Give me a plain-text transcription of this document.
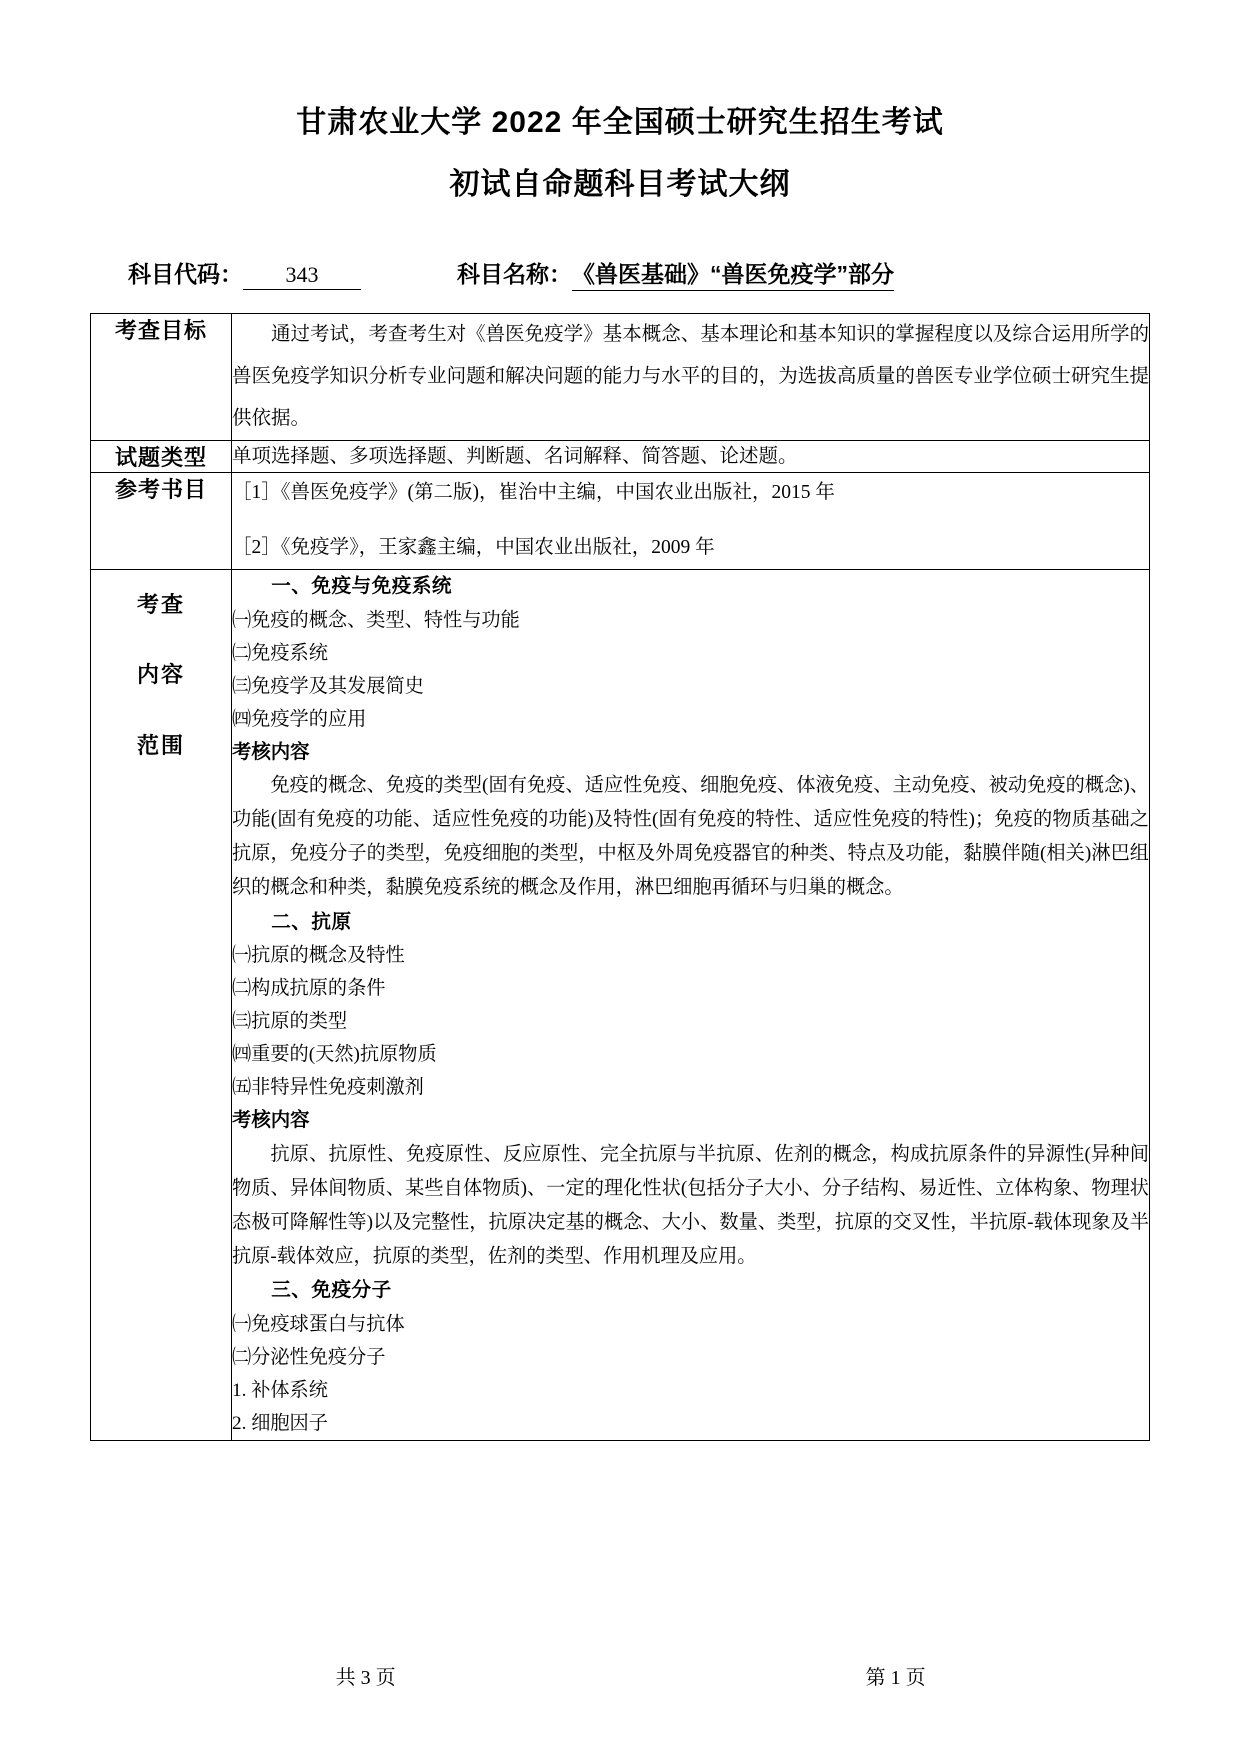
甘肃农业大学 2022 年全国硕士研究生招生考试
初试自命题科目考试大纲
科目代码：	343	科目名称： 《兽医基础》“兽医免疫学”部分
考查目标	通过考试，考查考生对《兽医免疫学》基本概念、基本理论和基本知识的掌握程度以及综合运用所学的兽医免疫学知识分析专业问题和解决问题的能力与水平的目的，为选拔高质量的兽医专业学位硕士研究生提供依据。

试题类型	单项选择题、多项选择题、判断题、名词解释、简答题、论述题。
参考书目	［1］《兽医免疫学》(第二版)，崔治中主编，中国农业出版社，2015 年
［2］《免疫学》，王家鑫主编，中国农业出版社，2009 年

考查
内容
范围

一、免疫与免疫系统
㈠免疫的概念、类型、特性与功能
㈡免疫系统
㈢免疫学及其发展简史
㈣免疫学的应用
考核内容
免疫的概念、免疫的类型(固有免疫、适应性免疫、细胞免疫、体液免疫、主动免疫、被动免疫的概念)、功能(固有免疫的功能、适应性免疫的功能)及特性(固有免疫的特性、适应性免疫的特性)；免疫的物质基础之抗原，免疫分子的类型，免疫细胞的类型，中枢及外周免疫器官的种类、特点及功能，黏膜伴随(相关)淋巴组织的概念和种类，黏膜免疫系统的概念及作用，淋巴细胞再循环与归巢的概念。
二、抗原
㈠抗原的概念及特性
㈡构成抗原的条件
㈢抗原的类型
㈣重要的(天然)抗原物质
㈤非特异性免疫刺激剂
考核内容
抗原、抗原性、免疫原性、反应原性、完全抗原与半抗原、佐剂的概念，构成抗原条件的异源性(异种间物质、异体间物质、某些自体物质)、一定的理化性状(包括分子大小、分子结构、易近性、立体构象、物理状态极可降解性等)以及完整性，抗原决定基的概念、大小、数量、类型，抗原的交叉性，半抗原-载体现象及半抗原-载体效应，抗原的类型，佐剂的类型、作用机理及应用。
三、免疫分子
㈠免疫球蛋白与抗体
㈡分泌性免疫分子
1. 补体系统
2. 细胞因子
共 3 页	第 1 页
